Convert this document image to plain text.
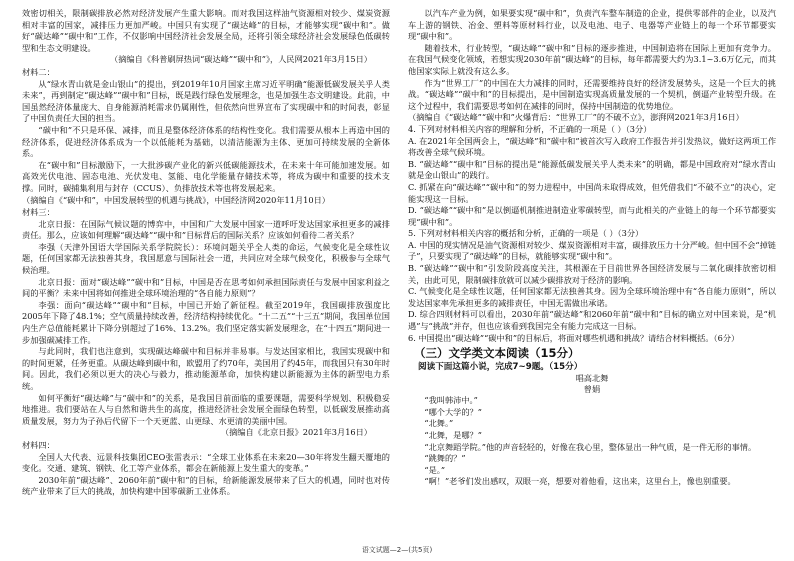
效密切相关，限制碳排放必然对经济发展产生重大影响。而对我国这样油气资源相对较少、煤炭资源相对丰富的国家，减排压力更加严峻。中国只有实现了“碳达峰”的目标，才能够实现“碳中和”。做好“碳达峰”“碳中和”工作，不仅影响中国经济社会发展全局，还将引领全球经济社会发展绿色低碳转型和生态文明建设。

（摘编自《科普刷屏热词“碳达峰”“碳中和”》，人民网2021年3月15日）

材料二：

从“绿水青山就是金山银山”的提出，到2019年10月国家主席习近平明确“能源低碳发展关乎人类未来”，再到制定“碳达峰”“碳中和”目标，既是践行绿色发展理念，也是加强生态文明建设。此前，中国虽然经济体量庞大、自身能源消耗需求仍属刚性，但依然向世界宣布了实现碳中和的时间表，彰显了中国负责任大国的担当。

“碳中和”不只是环保、减排，而且是整体经济体系的结构性变化。我们需要从根本上再造中国的经济体系，促进经济体系成为一个以低能耗为基础，以清洁能源为主体、更加可持续发展的全新体系。

在“碳中和”目标激励下，一大批涉碳产业化的新兴低碳能源技术，在未来十年可能加速发展。如高效光伏电池、固态电池、光伏发电、氢能、电化学能量存储技术等，将成为碳中和重要的技术支撑。同时，碳捕集利用与封存（CCUS）、负排放技术等也将发展起来。

（摘编自《“碳中和”，中国发展转型的机遇与挑战》，中国经济网2020年11月10日）

材料三：

北京日报：在国际气候议题的博弈中，中国和广大发展中国家一道呼吁发达国家承担更多的减排责任。那么，应该如何理解“碳达峰”“碳中和”目标背后的国际关系？应该如何看待二者关系？

李强（天津外国语大学国际关系学院院长）：环境问题关乎全人类的命运，气候变化是全球性议题，任何国家都无法独善其身，我国愿意与国际社会一道，共同应对全球气候变化，积极参与全球气候治理。

北京日报：面对“碳达峰”“碳中和”目标，中国是否在思考如何承担国际责任与发展中国家利益之间的平衡？未来中国将如何推进全球环境治理的“各自能力原则”？

李强：面向“碳达峰”“碳中和”目标，中国已开始了新征程。截至2019年，我国碳排放强度比2005年下降了48.1%；空气质量持续改善，经济结构持续优化。“十二五”“十三五”期间，我国单位国内生产总值能耗累计下降分别超过了16%、13.2%。我们坚定落实新发展理念，在“十四五”期间进一步加强碳减排工作。

与此同时，我们也注意到，实现碳达峰碳中和目标并非易事。与发达国家相比，我国实现碳中和的时间更紧，任务更重。从碳达峰到碳中和，欧盟用了约70年，美国用了约45年，而我国只有30年时间。因此，我们必须以更大的决心与毅力，推动能源革命，加快构建以新能源为主体的新型电力系统。

如何平衡好“碳达峰”与“碳中和”的关系，是我国目前面临的重要课题，需要科学规划、积极稳妥地推进。我们要站在人与自然和谐共生的高度，推进经济社会发展全面绿色转型，以低碳发展推动高质量发展，努力为子孙后代留下一个天更蓝、山更绿、水更清的美丽中国。

（摘编自《北京日报》2021年3月16日）

材料四：

全国人大代表、远景科技集团CEO张雷表示：“全球工业体系在未来20—30年将发生翻天覆地的变化。交通、建筑、钢铁、化工等产业体系，都会在新能源上发生重大的变革。”

2030年前“碳达峰”、2060年前“碳中和”的目标，给新能源发展带来了巨大的机遇，同时也对传统产业带来了巨大的挑战，加快构建中国零碳新工业体系。

以汽车产业为例，如果要实现“碳中和”，负责汽车整车制造的企业，提供零部件的企业，以及汽车上游的钢铁、冶金、塑料等原材料行业，以及电池、电子、电器等产业链上的每一个环节都要实现“碳中和”。

随着技术，行业转型，“碳达峰”“碳中和”目标的逐步推进，中国制造将在国际上更加有竞争力。在我国气候变化领域，若想实现2030年前“碳达峰”的目标，每年都需要大约为3.1~3.6万亿元，而其他国家实际上就没有这么多。

作为“世界工厂”的中国在大力减排的同时，还需要维持良好的经济发展势头，这是一个巨大的挑战。“碳达峰”“碳中和”的目标提出，是中国制造实现高质量发展的一个契机，倒逼产业转型升级。在这个过程中，我们需要思考如何在减排的同时，保持中国制造的优势地位。

（摘编自《“碳达峰”“碳中和”火爆背后：“世界工厂”的不破不立》，澎湃网2021年3月16日）

4. 下列对材料相关内容的理解和分析，不正确的一项是（ ）（3分）

A. 在2021年全国两会上，“碳达峰”和“碳中和”被首次写入政府工作报告并引发热议，做好这两项工作将改善全球气候环境。

B. “碳达峰”“碳中和”目标的提出是“能源低碳发展关乎人类未来”的明确，都是中国政府对“绿水青山就是金山银山”的践行。

C. 抓紧在向“碳达峰”“碳中和”的努力进程中，中国尚未取得成效，但凭借我们“不破不立”的决心，定能实现这一目标。

D. “碳达峰”“碳中和”是以倒逼机制推进制造业零碳转型，而与此相关的产业链上的每一个环节都要实现“碳中和”。

5. 下列对材料相关内容的概括和分析，正确的一项是（ ）（3分）

A. 中国的现实情况是油气资源相对较少、煤炭资源相对丰富，碳排放压力十分严峻。但中国不会“掉链子”，只要实现了“碳达峰”的目标，就能够实现“碳中和”。

B. “碳达峰”“碳中和”引发阶段高度关注，其根源在于目前世界各国经济发展与二氧化碳排放密切相关，由此可见，限制碳排放就可以减少碳排放对于经济的影响。

C. 气候变化是全球性议题，任何国家都无法独善其身。因为全球环境治理中有“各自能力原则”，所以发达国家率先承担更多的减排责任，中国无需做出承诺。

D. 综合四则材料可以看出，2030年前“碳达峰”和2060年前“碳中和”目标的确立对中国来说，是“机遇”与“挑战”并存，但也应该看到我国完全有能力完成这一目标。

6. 中国提出“碳达峰”“碳中和”的目标后，将面对哪些机遇和挑战？请结合材料概括。（6分）

（三）文学类文本阅读（15分）

阅读下面这篇小说，完成7~9题。（15分）

唱高北舞

曾娟

“我叫韩沛中。”

“哪个大学的？”

“北舞。”

“北舞，是哪？”

“北京舞蹈学院。”他的声音轻轻的，好像在我心里，整体显出一种气质，是一件无形的事情。

“跳舞的？”

“是。”

“啊！”老爷们发出感叹，双眼一亮，想要对着他看，这出来，这里台上，像也别重要。

语文试题—2—(共5页)
